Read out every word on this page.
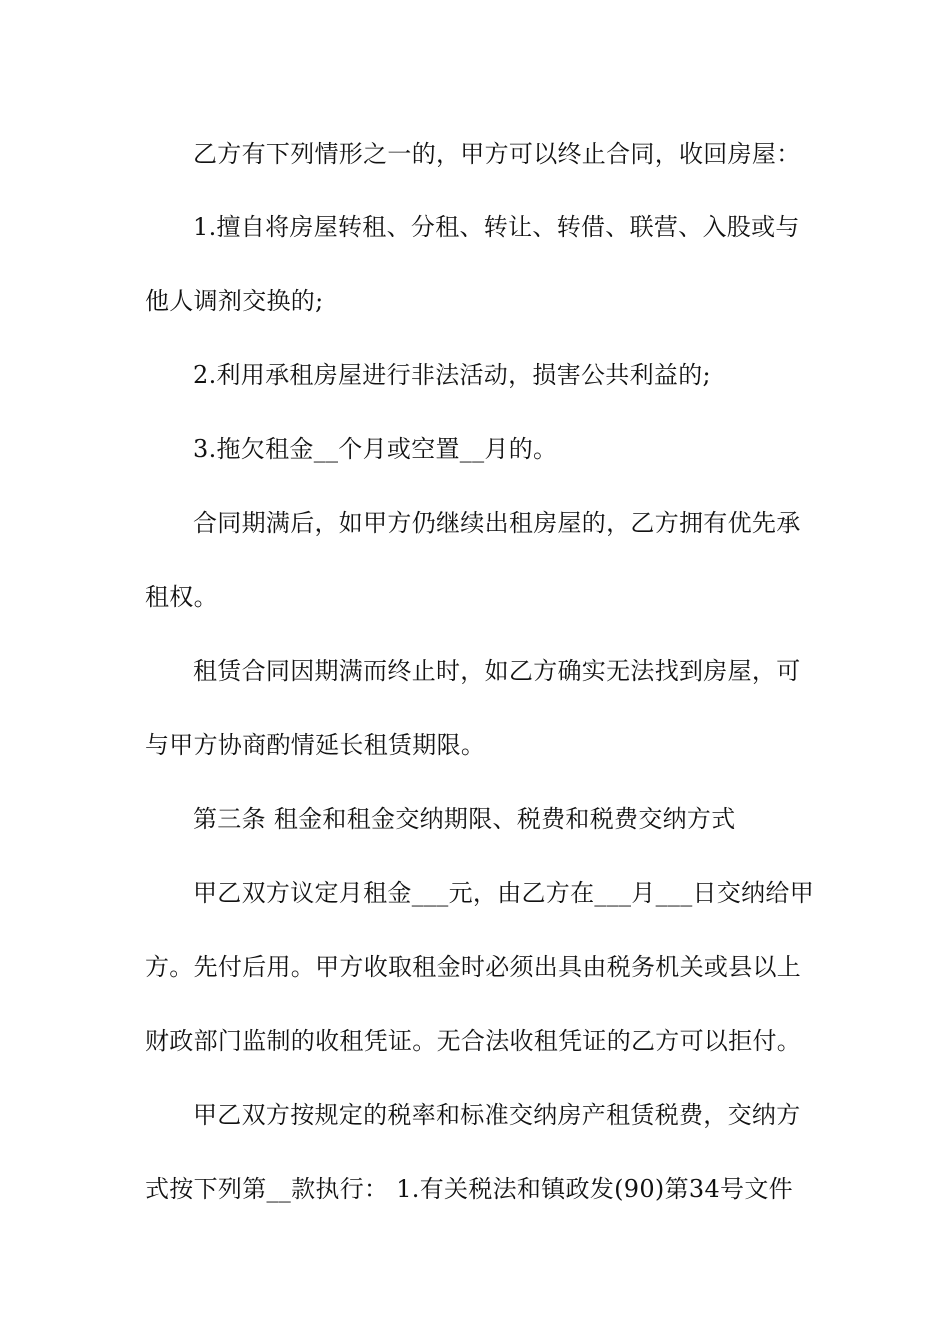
乙方有下列情形之一的，甲方可以终止合同，收回房屋：
1.擅自将房屋转租、分租、转让、转借、联营、入股或与
他人调剂交换的;
2.利用承租房屋进行非法活动，损害公共利益的;
3.拖欠租金__个月或空置__月的。
合同期满后，如甲方仍继续出租房屋的，乙方拥有优先承
租权。
租赁合同因期满而终止时，如乙方确实无法找到房屋，可
与甲方协商酌情延长租赁期限。
第三条 租金和租金交纳期限、税费和税费交纳方式
甲乙双方议定月租金___元，由乙方在___月___日交纳给甲
方。先付后用。甲方收取租金时必须出具由税务机关或县以上
财政部门监制的收租凭证。无合法收租凭证的乙方可以拒付。
甲乙双方按规定的税率和标准交纳房产租赁税费，交纳方
式按下列第__款执行： 1.有关税法和镇政发(90)第34号文件
